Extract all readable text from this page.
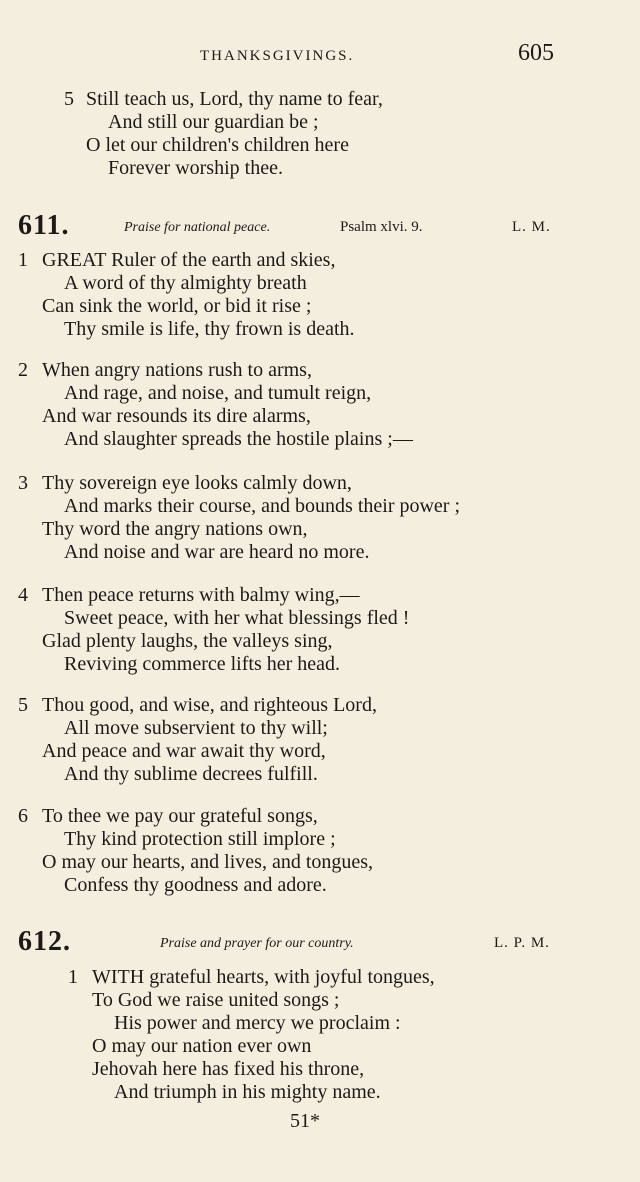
THANKSGIVINGS.	605
5 Still teach us, Lord, thy name to fear,
And still our guardian be ;
O let our children's children here
Forever worship thee.
611.	Praise for national peace.	Psalm xlvi. 9.	L. M.
1 GREAT Ruler of the earth and skies,
A word of thy almighty breath
Can sink the world, or bid it rise ;
Thy smile is life, thy frown is death.
2 When angry nations rush to arms,
And rage, and noise, and tumult reign,
And war resounds its dire alarms,
And slaughter spreads the hostile plains ;—
3 Thy sovereign eye looks calmly down,
And marks their course, and bounds their power ;
Thy word the angry nations own,
And noise and war are heard no more.
4 Then peace returns with balmy wing,—
Sweet peace, with her what blessings fled !
Glad plenty laughs, the valleys sing,
Reviving commerce lifts her head.
5 Thou good, and wise, and righteous Lord,
All move subservient to thy will;
And peace and war await thy word,
And thy sublime decrees fulfill.
6 To thee we pay our grateful songs,
Thy kind protection still implore ;
O may our hearts, and lives, and tongues,
Confess thy goodness and adore.
612.	Praise and prayer for our country.	L. P. M.
1 WITH grateful hearts, with joyful tongues,
To God we raise united songs ;
His power and mercy we proclaim :
O may our nation ever own
Jehovah here has fixed his throne,
And triumph in his mighty name.
51*
